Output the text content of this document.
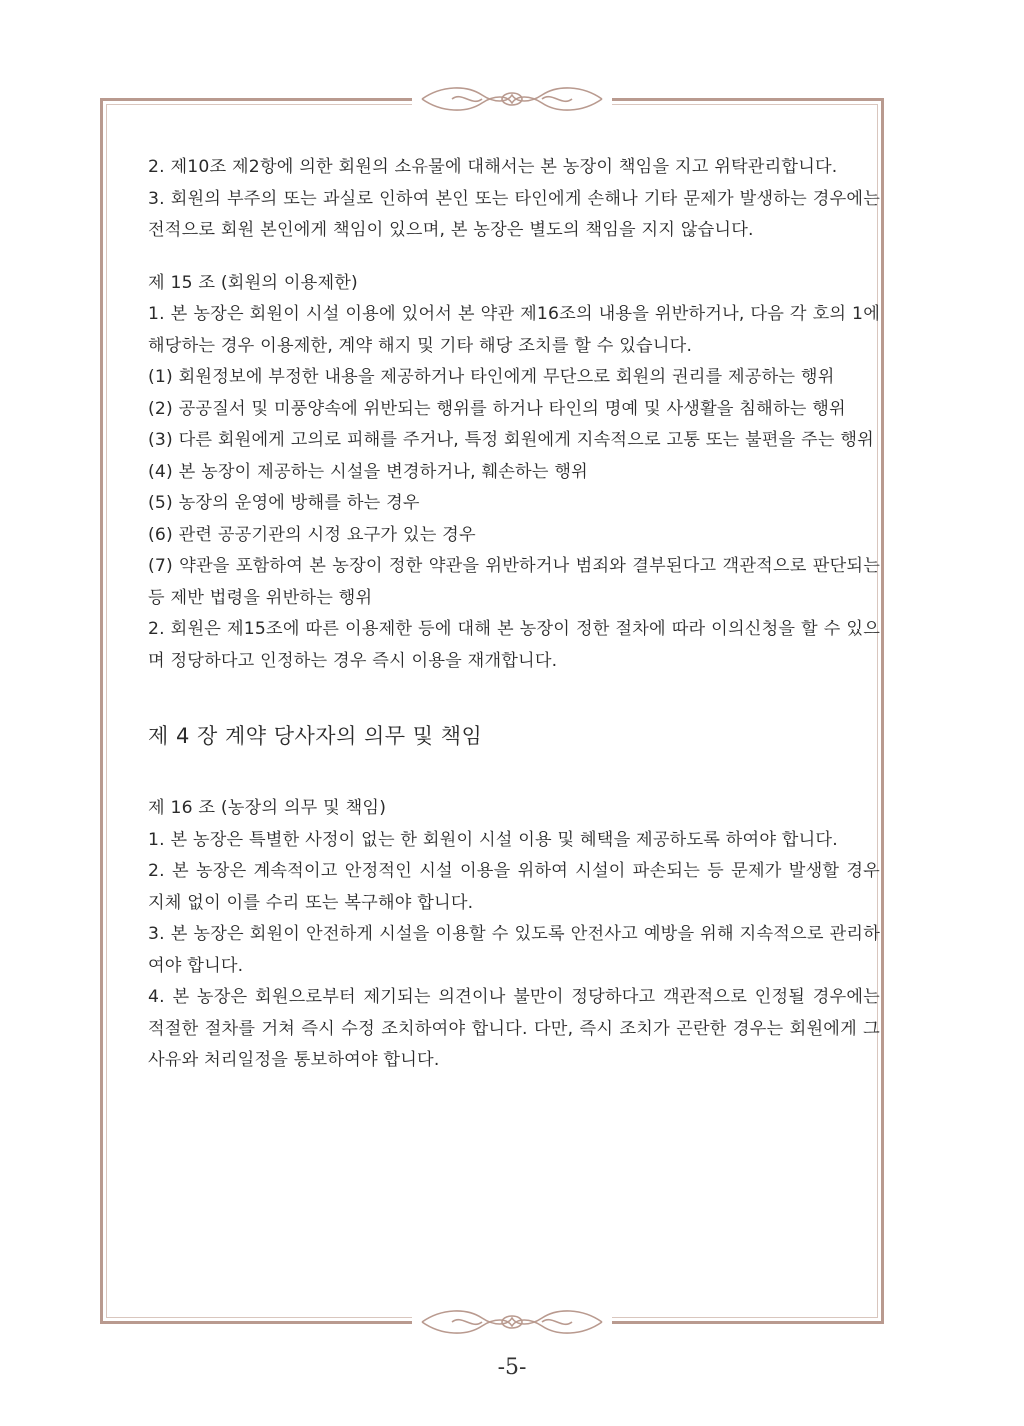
2. 제10조 제2항에 의한 회원의 소유물에 대해서는 본 농장이 책임을 지고 위탁관리합니다.
3. 회원의 부주의 또는 과실로 인하여 본인 또는 타인에게 손해나 기타 문제가 발생하는 경우에는 전적으로 회원 본인에게 책임이 있으며, 본 농장은 별도의 책임을 지지 않습니다.
제 15 조 (회원의 이용제한)
1. 본 농장은 회원이 시설 이용에 있어서 본 약관 제16조의 내용을 위반하거나, 다음 각 호의 1에 해당하는 경우 이용제한, 계약 해지 및 기타 해당 조치를 할 수 있습니다.
(1) 회원정보에 부정한 내용을 제공하거나 타인에게 무단으로 회원의 권리를 제공하는 행위
(2) 공공질서 및 미풍양속에 위반되는 행위를 하거나 타인의 명예 및 사생활을 침해하는 행위
(3) 다른 회원에게 고의로 피해를 주거나, 특정 회원에게 지속적으로 고통 또는 불편을 주는 행위
(4) 본 농장이 제공하는 시설을 변경하거나, 훼손하는 행위
(5) 농장의 운영에 방해를 하는 경우
(6) 관련 공공기관의 시정 요구가 있는 경우
(7) 약관을 포함하여 본 농장이 정한 약관을 위반하거나 범죄와 결부된다고 객관적으로 판단되는 등 제반 법령을 위반하는 행위
2. 회원은 제15조에 따른 이용제한 등에 대해 본 농장이 정한 절차에 따라 이의신청을 할 수 있으며 정당하다고 인정하는 경우 즉시 이용을 재개합니다.
제 4 장 계약 당사자의 의무 및 책임
제 16 조 (농장의 의무 및 책임)
1. 본 농장은 특별한 사정이 없는 한 회원이 시설 이용 및 혜택을 제공하도록 하여야 합니다.
2. 본 농장은 계속적이고 안정적인 시설 이용을 위하여 시설이 파손되는 등 문제가 발생할 경우 지체 없이 이를 수리 또는 복구해야 합니다.
3. 본 농장은 회원이 안전하게 시설을 이용할 수 있도록 안전사고 예방을 위해 지속적으로 관리하여야 합니다.
4. 본 농장은 회원으로부터 제기되는 의견이나 불만이 정당하다고 객관적으로 인정될 경우에는 적절한 절차를 거쳐 즉시 수정 조치하여야 합니다. 다만, 즉시 조치가 곤란한 경우는 회원에게 그 사유와 처리일정을 통보하여야 합니다.
-5-
